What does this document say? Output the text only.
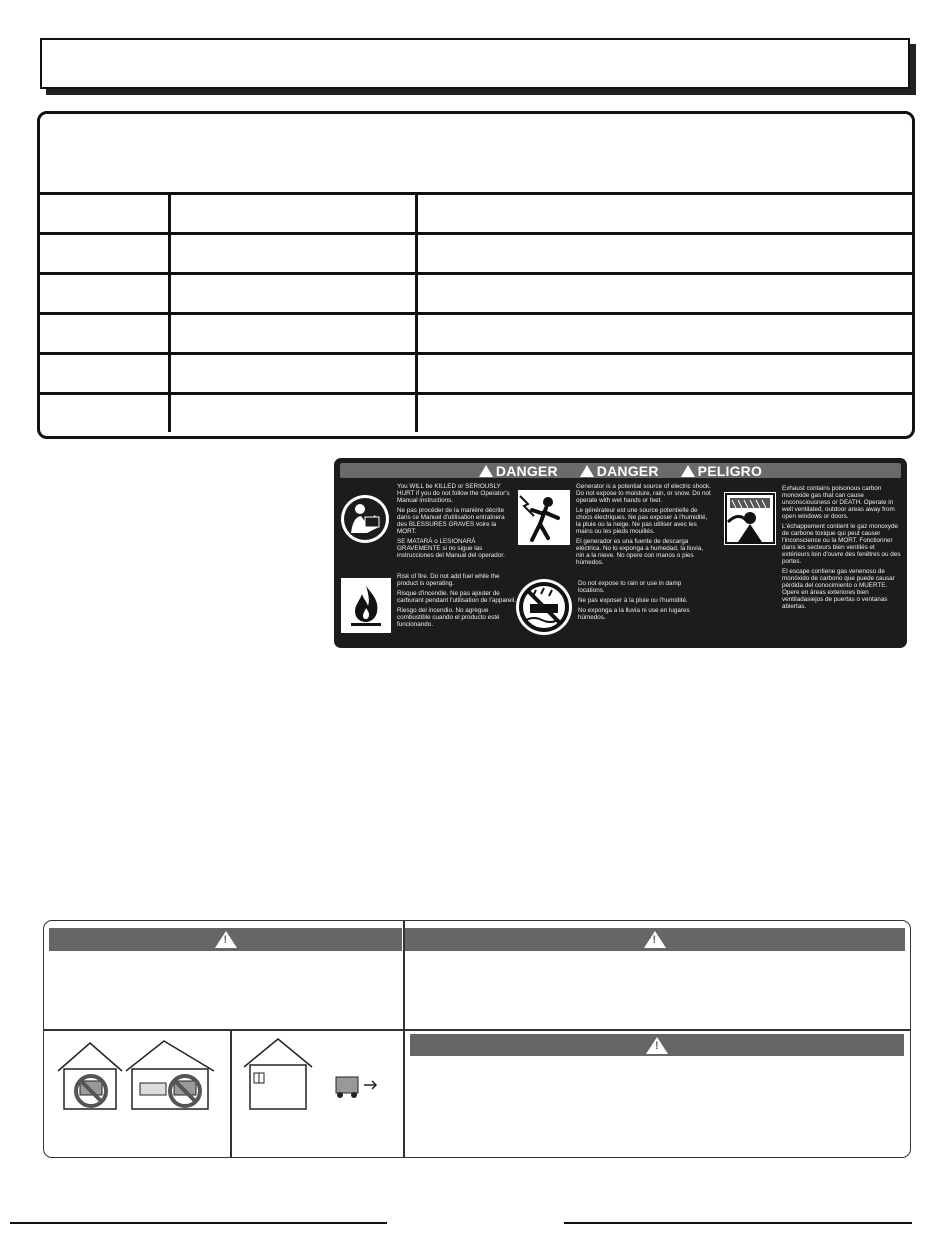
DANGER	DANGER	PELIGRO

You WILL be KILLED or SERIOUSLY HURT if you do not follow the Operator's Manual instructions.

Ne pas procéder de la manière décrite dans ce Manuel d'utilisation entraînera des BLESSURES GRAVES voire la MORT.

SE MATARÁ o LESIONARÁ GRAVEMENTE si no sigue las instrucciones del Manual del operador.

Risk of fire. Do not add fuel while the product is operating.

Risque d'incendie. Ne pas ajouter de carburant pendant l'utilisation de l'appareil.

Riesgo del incendio. No agregue combustible cuando el producto esté funcionando.

Generator is a potential source of electric shock. Do not expose to moisture, rain, or snow. Do not operate with wet hands or feet.

Le générateur est une source potentielle de chocs électriques. Ne pas exposer à l'humidité, la pluie ou la neige. Ne pas utiliser avec les mains ou les pieds mouillés.

El generador es una fuente de descarga eléctrica. No lo exponga a humedad, la lluvia, nin a la nieve. No opere con manos o pies húmedos.

Do not expose to rain or use in damp locations.

Ne pas exposer à la pluie ou l'humidité.

No exponga a la lluvia ni use en lugares húmedos.

Exhaust contains poisonous carbon monoxide gas that can cause unconsciousness or DEATH. Operate in well ventilated, outdoor areas away from open windows or doors.

L'échappement contient le gaz monoxyde de carbone toxique qui peut causer l'inconscience ou la MORT. Fonctionner dans les secteurs bien ventilés et extérieurs loin d'ouvre des fenêtres ou des portes.

El escape contiene gas venenoso de monóxido de carbono que puede causar pérdida del conocimiento o MUERTE. Opere en áreas exteriores bien ventiladasiejos de puertas o ventanas abiertas.

!
!
!
